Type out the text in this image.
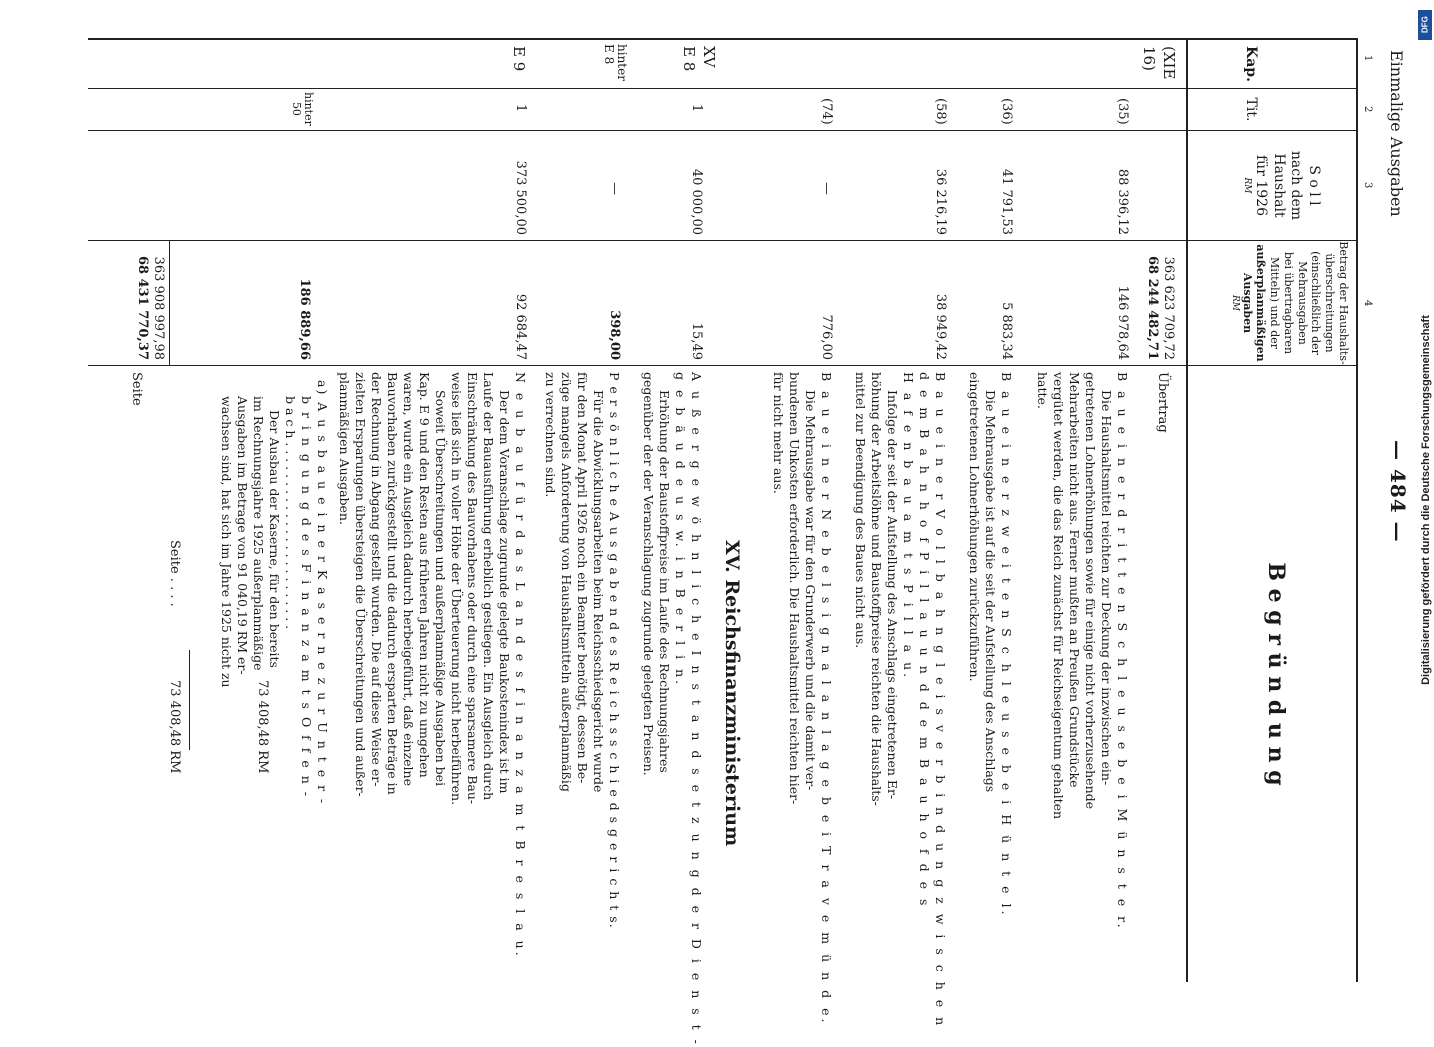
Einmalige Ausgaben
— 484 —
1
2
3
4
Kap.
Tit.
S o l l
nach dem
Haushalt
für 1926
RM
Betrag der Haushalts-
überschreitungen
(einschließlich der
Mehrausgaben
bei übertragbaren
Mitteln) und der
außerplanmäßigen
Ausgaben
RM
B e g r ü n d u n g
(XIE
16)
363 623 709,72
68 244 482,71
Übertrag
(35)
88 396,12
146 978,64
B a u e i n e r d r i t t e n S c h l e u s e b e i M ü n s t e r.
Die Haushaltsmittel reichten zur Deckung der inzwischen ein-
getretenen Lohnerhöhungen sowie für einige nicht vorherzusehende
Mehrarbeiten nicht aus. Ferner mußten an Preußen Grundstücke
vergütet werden, die das Reich zunächst für Reichseigentum gehalten
hatte.
(36)
41 791,53
5 883,34
B a u e i n e r z w e i t e n S c h l e u s e b e i H ü n t e l.
Die Mehrausgabe ist auf die seit der Aufstellung des Anschlags
eingetretenen Lohnerhöhungen zurückzuführen.
(58)
36 216,19
38 949,42
B a u e i n e r V o l l b a h n g l e i s v e r b i n d u n g z w i s c h e n
d e m B a h n h o f P i l l a u u n d d e m B a u h o f d e s
H a f e n b a u a m t s P i l l a u.
Infolge der seit der Aufstellung des Anschlags eingetretenen Er-
höhung der Arbeitslöhne und Baustoffpreise reichten die Haushalts-
mittel zur Beendigung des Baues nicht aus.
(74)
—
776,00
B a u e i n e r N e b e l s i g n a l a n l a g e b e i T r a v e m ü n d e.
Die Mehrausgabe war für den Grunderwerb und die damit ver-
bundenen Unkosten erforderlich. Die Haushaltsmittel reichten hier-
für nicht mehr aus.
XV. Reichsfinanzministerium
XV
E 8
1
40 000,00
15,49
A u ß e r g e w ö h n l i c h e I n s t a n d s e t z u n g d e r D i e n s t -
g e b ä u d e u s w. i n B e r l i n.
Erhöhung der Baustoffpreise im Laufe des Rechnungsjahres
gegenüber der der Veranschlagung zugrunde gelegten Preisen.
hinter
E 8
—
398,00
P e r s ö n l i c h e A u s g a b e n d e s R e i c h s s c h i e d s g e r i c h t s.
Für die Abwicklungsarbeiten beim Reichsschiedsgericht wurde
für den Monat April 1926 noch ein Beamter benötigt, dessen Be-
züge mangels Anforderung von Haushaltsmitteln außerplanmäßig
zu verrechnen sind.
E 9
1
373 500,00
92 684,47
N e u b a u f ü r d a s L a n d e s f i n a n z a m t B r e s l a u.
Der dem Voranschlage zugrunde gelegte Baukostenindex ist im
Laufe der Bauausführung erheblich gestiegen. Ein Ausgleich durch
Einschränkung des Bauvorhabens oder durch eine sparsamere Bau-
weise ließ sich in voller Höhe der Überteuerung nicht herbeiführen.
Soweit Überschreitungen und außerplanmäßige Ausgaben bei
Kap. E 9 und den Resten aus früheren Jahren nicht zu umgehen
waren, wurde ein Ausgleich dadurch herbeigeführt, daß einzelne
Bauvorhaben zurückgestellt und die dadurch ersparten Beträge in
der Rechnung in Abgang gestellt wurden. Die auf diese Weise er-
zielten Ersparungen übersteigen die Überschreitungen und außer-
planmäßigen Ausgaben.
hinter
50
186 889,66
a) A u s b a u e i n e r K a s e r n e z u r U n t e r -
b r i n g u n g d e s F i n a n z a m t s O f f e n -
b a c h . . . . . . . . . . . . . . . . . . . . . . . .
Der Ausbau der Kaserne, für den bereits
im Rechnungsjahre 1925 außerplanmäßige
Ausgaben im Betrage von 91 040,19 RM er-
wachsen sind, hat sich im Jahre 1925 nicht zu
73 408,48 RM
363 908 997,98
68 431 770,37
Seite
Seite . . . .
73 408,48 RM
Digitalisierung gefördert durch die Deutsche Forschungsgemeinschaft
DFG
